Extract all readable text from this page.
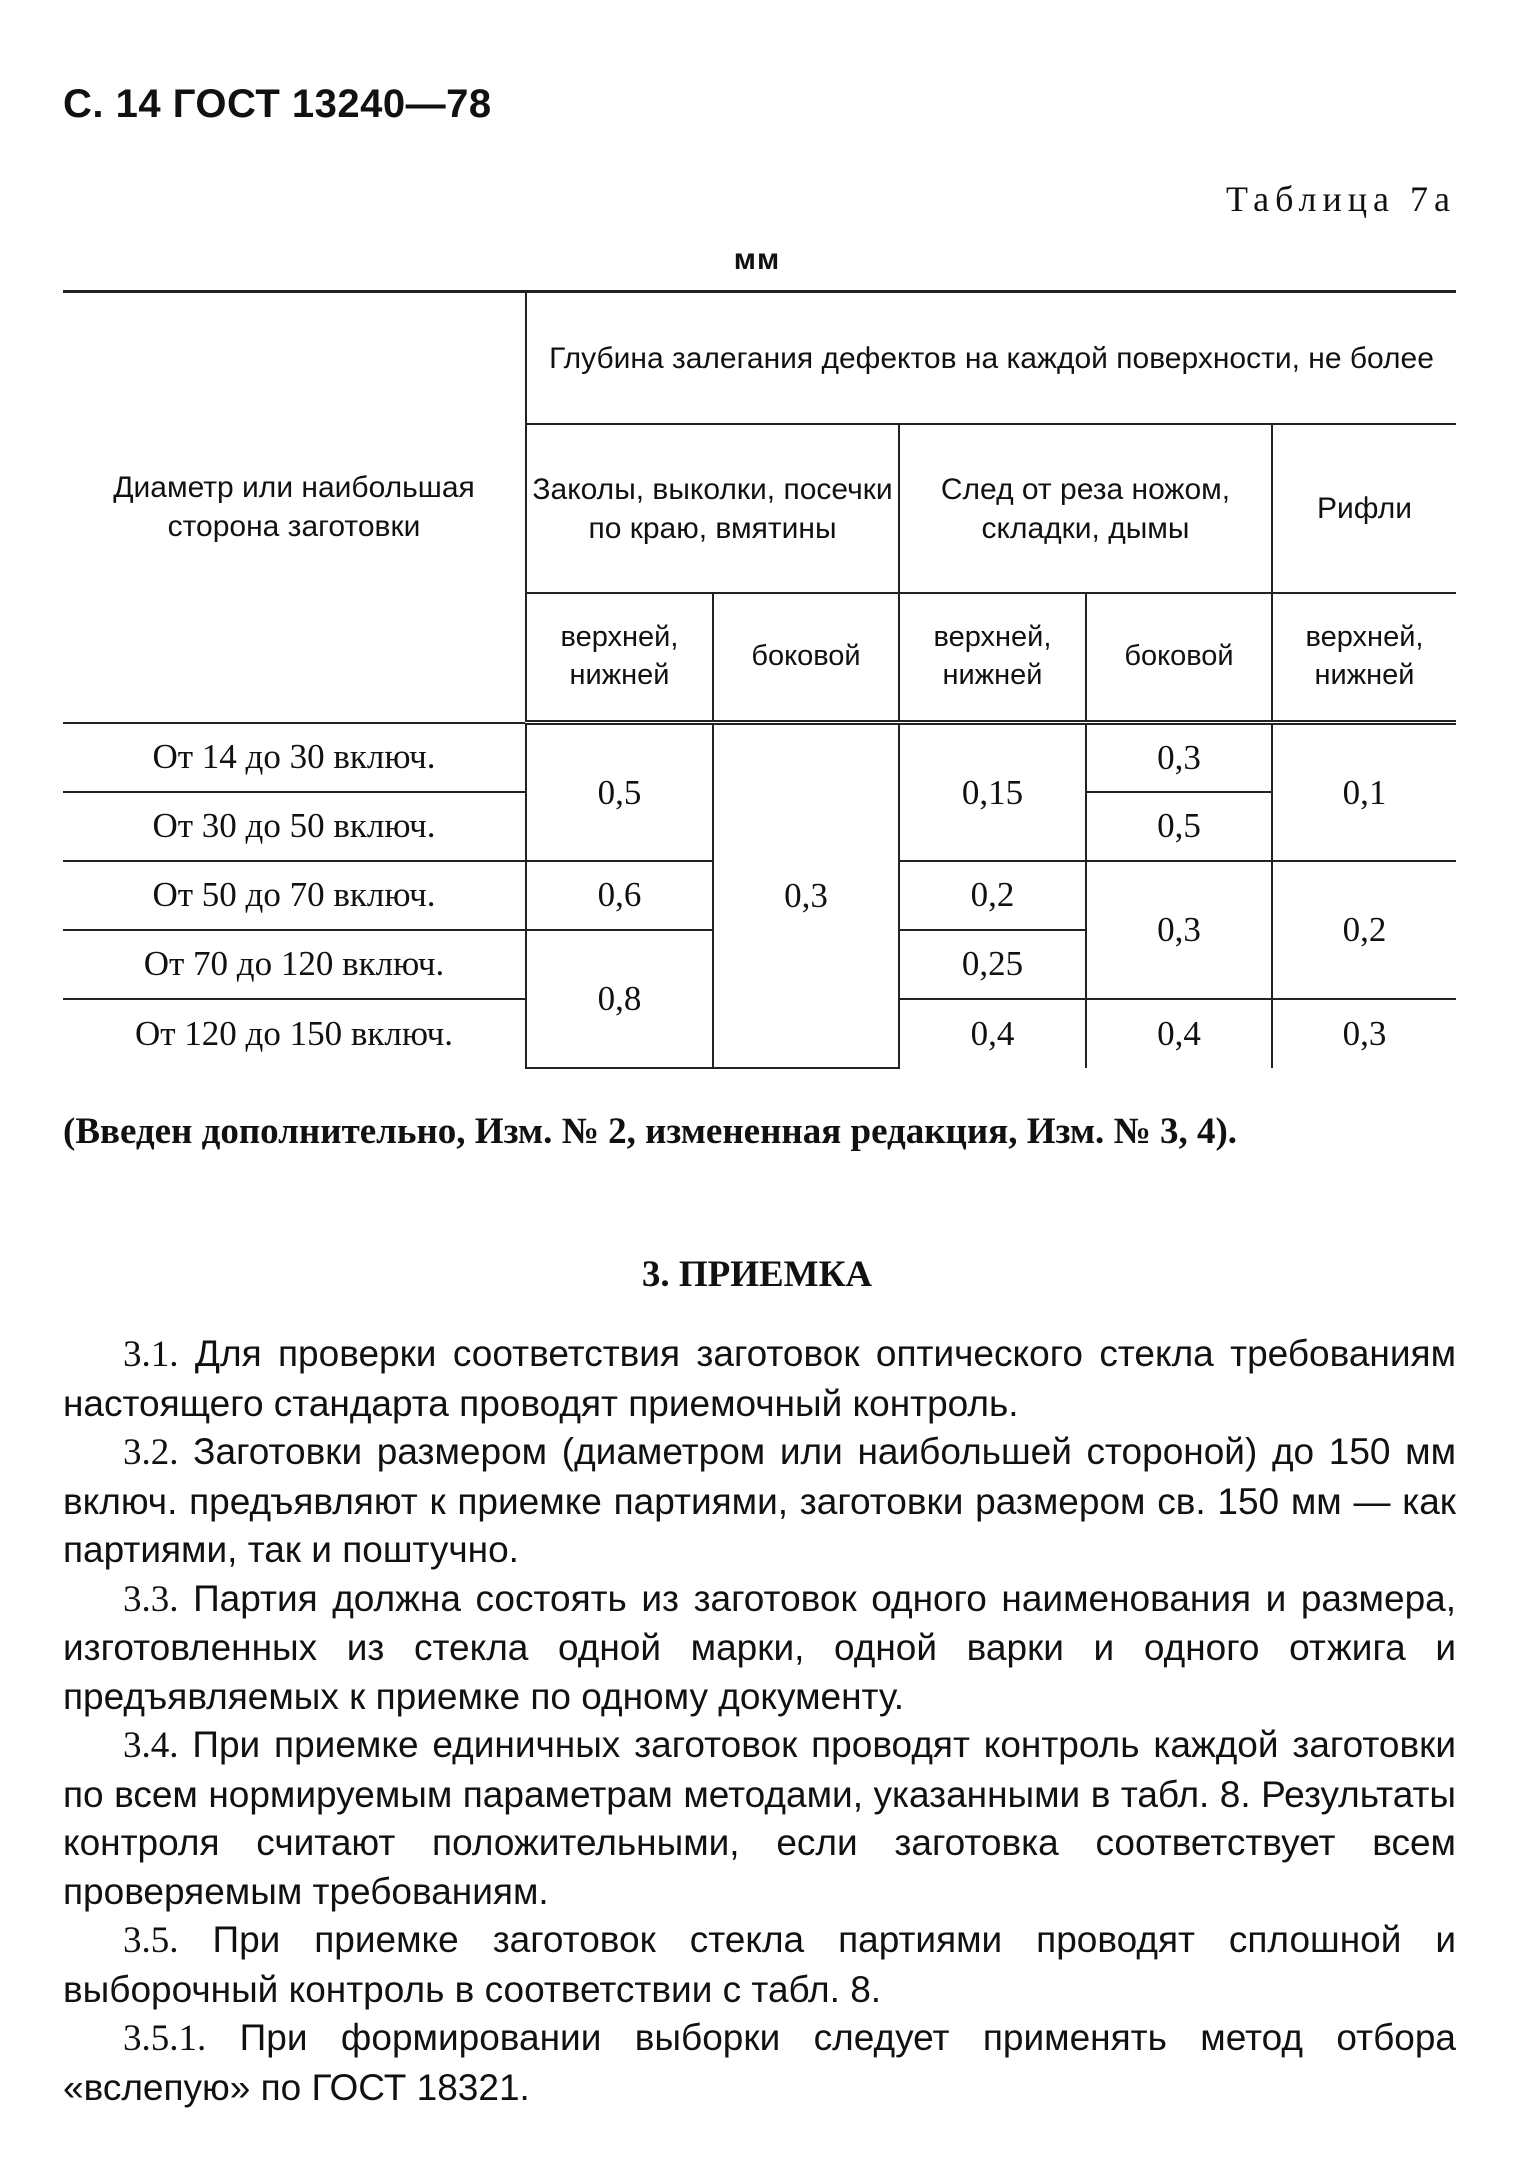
С. 14 ГОСТ 13240—78
Таблица 7а
мм
Диаметр или наибольшая сторона заготовки	Глубина залегания дефектов на каждой поверхности, не более				
	Заколы, выколки, посечки по краю, вмятины		След от реза ножом, складки, дымы		Рифли
	верхней, нижней	боковой	верхней, нижней	боковой	верхней, нижней
От 14 до 30 включ.	0,5	0,3	0,15	0,3	0,1
От 30 до 50 включ.				0,5	
От 50 до 70 включ.	0,6		0,2	0,3	0,2
От 70 до 120 включ.	0,8		0,25		
От 120 до 150 включ.			0,4	0,4	0,3
(Введен дополнительно, Изм. № 2, измененная редакция, Изм. № 3, 4).
3. ПРИЕМКА

3.1. Для проверки соответствия заготовок оптического стекла требованиям настоящего стандарта проводят приемочный контроль.

3.2. Заготовки размером (диаметром или наибольшей стороной) до 150 мм включ. предъявляют к приемке партиями, заготовки размером св. 150 мм — как партиями, так и поштучно.

3.3. Партия должна состоять из заготовок одного наименования и размера, изготовленных из стекла одной марки, одной варки и одного отжига и предъявляемых к приемке по одному документу.

3.4. При приемке единичных заготовок проводят контроль каждой заготовки по всем нормируемым параметрам методами, указанными в табл. 8. Результаты контроля считают положительными, если заготовка соответствует всем проверяемым требованиям.

3.5. При приемке заготовок стекла партиями проводят сплошной и выборочный контроль в соответствии с табл. 8.

3.5.1. При формировании выборки следует применять метод отбора «вслепую» по ГОСТ 18321.
